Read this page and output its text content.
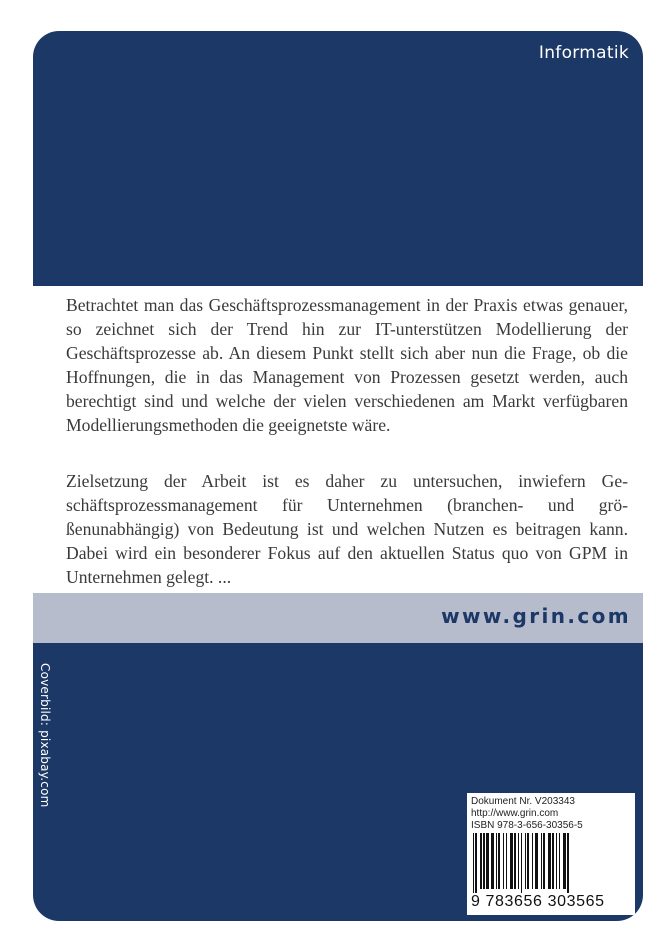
Informatik

Betrachtet man das Geschäftsprozessmanagement in der Praxis etwas genauer, so zeichnet sich der Trend hin zur IT-unterstützen Modellierung der Geschäftsprozesse ab. An diesem Punkt stellt sich aber nun die Frage, ob die Hoffnungen, die in das Management von Prozessen gesetzt werden, auch berechtigt sind und welche der vielen verschiedenen am Markt verfügbaren Modellierungsmethoden die geeignetste wäre.

Zielsetzung der Arbeit ist es daher zu untersuchen, inwiefern Geschäftsprozessmanagement für Unternehmen (branchen- und größenunabhängig) von Bedeutung ist und welchen Nutzen es beitragen kann. Dabei wird ein besonderer Fokus auf den aktuellen Status quo von GPM in Unternehmen gelegt. ...

www.grin.com
Coverbild: pixabay.com	Dokument Nr. V203343
http://www.grin.com
ISBN 978-3-656-30356-5
9 783656 303565
